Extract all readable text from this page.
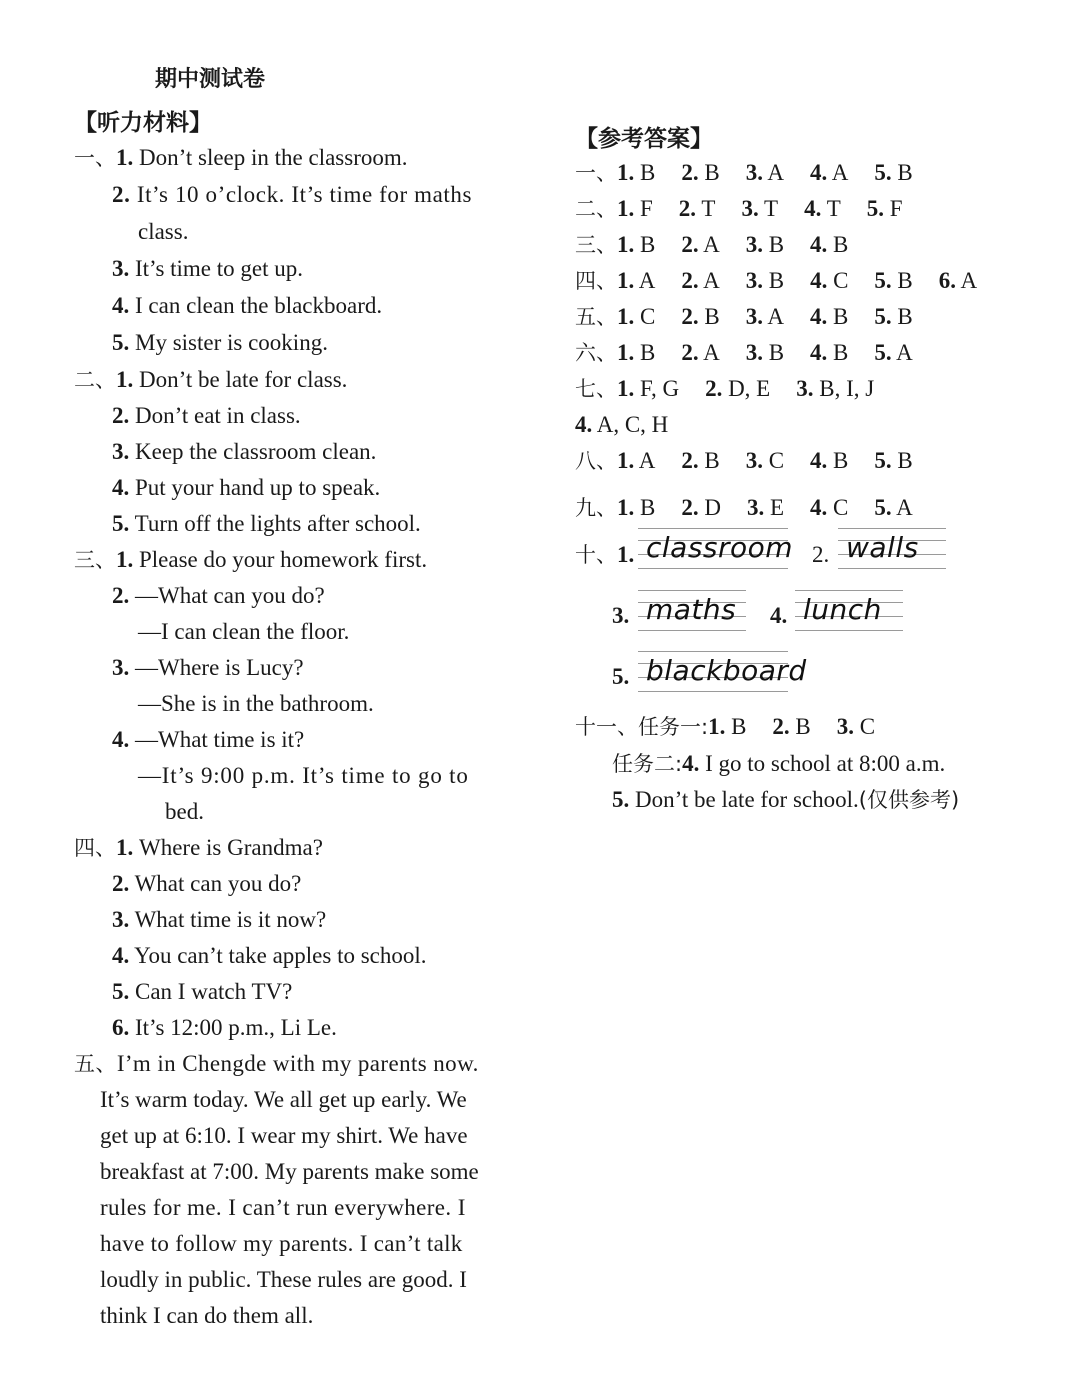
期中测试卷
【听力材料】
一、1. Don’t sleep in the classroom.
2. It’s 10 o’clock. It’s time for maths
class.
3. It’s time to get up.
4. I can clean the blackboard.
5. My sister is cooking.
二、1. Don’t be late for class.
2. Don’t eat in class.
3. Keep the classroom clean.
4. Put your hand up to speak.
5. Turn off the lights after school.
三、1. Please do your homework first.
2. —What can you do?
—I can clean the floor.
3. —Where is Lucy?
—She is in the bathroom.
4. —What time is it?
—It’s 9:00 p.m. It’s time to go to
bed.
四、1. Where is Grandma?
2. What can you do?
3. What time is it now?
4. You can’t take apples to school.
5. Can I watch TV?
6. It’s 12:00 p.m., Li Le.
五、I’m in Chengde with my parents now.
It’s warm today. We all get up early. We
get up at 6:10. I wear my shirt. We have
breakfast at 7:00. My parents make some
rules for me. I can’t run everywhere. I
have to follow my parents. I can’t talk
loudly in public. These rules are good. I
think I can do them all.
【参考答案】
一、1. B 2. B 3. A 4. A 5. B
二、1. F 2. T 3. T 4. T 5. F
三、1. B 2. A 3. B 4. B
四、1. A 2. A 3. B 4. C 5. B 6. A
五、1. C 2. B 3. A 4. B 5. B
六、1. B 2. A 3. B 4. B 5. A
七、1. F, G 2. D, E 3. B, I, J
4. A, C, H
八、1. A 2. B 3. C 4. B 5. B
九、1. B 2. D 3. E 4. C 5. A
十、1. classroom 2. walls
3. maths 4. lunch
5. blackboard
十一、任务一:1. B 2. B 3. C
任务二:4. I go to school at 8:00 a.m.
5. Don’t be late for school.(仅供参考)
